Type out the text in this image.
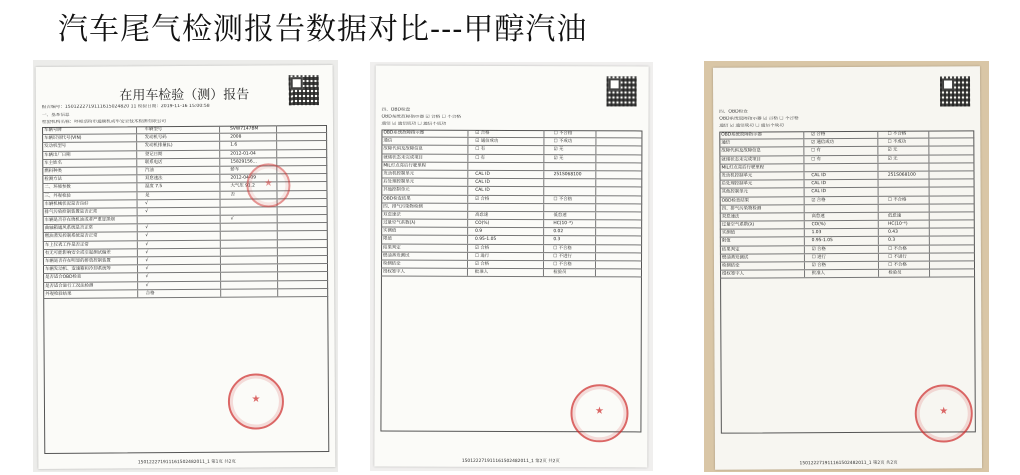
汽车尾气检测报告数据对比---甲醇汽油
在用车检验（测）报告
报告编号：1501222719111615024820 11 检验日期：2019-11-16 15:00:58
一、基本信息
检验机构名称：呼和浩特市通顺机动车安全技术检测有限公司
车辆号牌	车辆型号	SVW7147BM
车辆识别代号(VIN)	发动机号码	2008
发动机型号	发动机排量(L)	1.6
车辆出厂日期	登记日期	2012-01-04
车主姓名	联系电话	15829156...
燃料种类	汽油	轿车
检测方法	双怠速法	2012-04-09
二、环境参数	温度 7.5	大气压 91.2
三、外观检验	是	否
车辆机械状况是否良好	√
排气污染控制装置是否正常	√
车辆是否存在烧机油或者严重冒黑烟	√
曲轴箱通风系统是否正常	√
燃油蒸发控制系统是否正常	√
车上仪表工作是否正常	√
有无可能影响安全或引起测试偏差	√
车辆是否存在明显的排放控制装置	√
车辆发动机、变速箱和冷却系统等	√
是否适合OBD检查	√
是否适合进行工况法检测	√
外观检验结果	合格
★
★
150122271911161502482011_1 第1页 共2页
四、OBD检查
OBD系统故障指示器 ☑ 合格 ☐ 不合格
通信 ☑ 通信成功 ☐ 通信不成功
OBD系统故障指示器	☑ 合格	☐ 不合格
通信	☑ 通信成功	☐ 不成功
故障代码及故障信息	☐ 有	☑ 无
就绪状态未完成项目	☐ 有	☑ 无
MIL灯点亮后行驶里程
发动机控制单元	CAL ID	251S068100
后处理控制单元	CAL ID
其他控制单元	CAL ID
OBD检查结果	☑ 合格	☐ 不合格
四、排气污染物检测
双怠速法	高怠速	低怠速
过量空气系数(λ)	CO(%)	HC(10⁻⁶)
实测值	0.9	0.02
限值	0.95-1.05	0.3
结果判定	☑ 合格	☐ 不合格
燃油蒸发测试	☐ 进行	☐ 不进行
检测结论	☑ 合格	☐ 不合格
授权签字人	批准人	检验员
★
150122271911161502482011_1 第2页 共2页
四、OBD检查
OBD系统故障指示器 ☑ 合格 ☐ 不合格
通信 ☑ 通信成功 ☐ 通信不成功
OBD系统故障指示器	☑ 合格	☐ 不合格
通信	☑ 通信成功	☐ 不成功
故障代码及故障信息	☐ 有	☑ 无
就绪状态未完成项目	☐ 有	☑ 无
MIL灯点亮后行驶里程
发动机控制单元	CAL ID	251S068100
后处理控制单元	CAL ID
其他控制单元	CAL ID
OBD检查结果	☑ 合格	☐ 不合格
四、排气污染物检测
双怠速法	高怠速	低怠速
过量空气系数(λ)	CO(%)	HC(10⁻⁶)
实测值	1.03	0.43
限值	0.95-1.05	0.3
结果判定	☑ 合格	☐ 不合格
燃油蒸发测试	☐ 进行	☐ 不进行
检测结论	☑ 合格	☐ 不合格
授权签字人	批准人	检验员
★
150122271911161502482011_1 第2页 共2页
